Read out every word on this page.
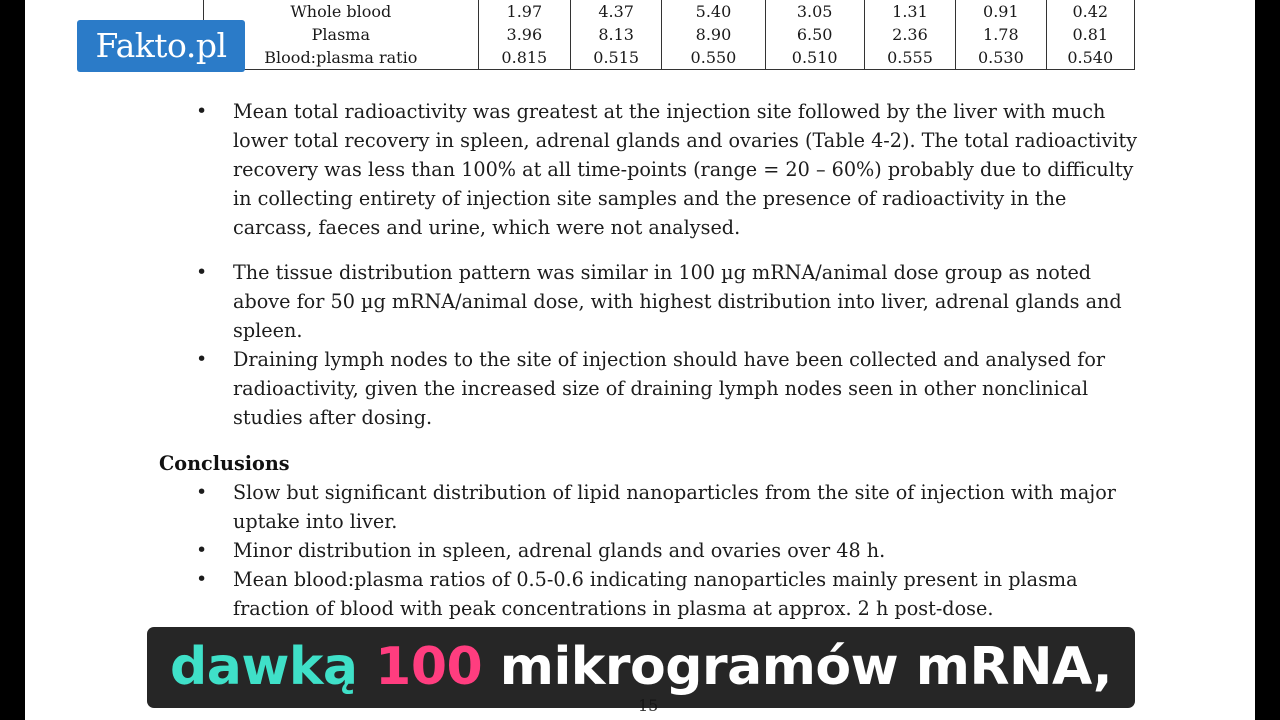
Whole blood	1.97	4.37	5.40	3.05	1.31	0.91	0.42
Plasma	3.96	8.13	8.90	6.50	2.36	1.78	0.81
Blood:plasma ratio	0.815	0.515	0.550	0.510	0.555	0.530	0.540
Fakto.pl
• Mean total radioactivity was greatest at the injection site followed by the liver with much lower total recovery in spleen, adrenal glands and ovaries (Table 4-2). The total radioactivity recovery was less than 100% at all time-points (range = 20 – 60%) probably due to difficulty in collecting entirety of injection site samples and the presence of radioactivity in the carcass, faeces and urine, which were not analysed.
• The tissue distribution pattern was similar in 100 µg mRNA/animal dose group as noted above for 50 µg mRNA/animal dose, with highest distribution into liver, adrenal glands and spleen.
• Draining lymph nodes to the site of injection should have been collected and analysed for radioactivity, given the increased size of draining lymph nodes seen in other nonclinical studies after dosing.
Conclusions
• Slow but significant distribution of lipid nanoparticles from the site of injection with major uptake into liver.
• Minor distribution in spleen, adrenal glands and ovaries over 48 h.
• Mean blood:plasma ratios of 0.5-0.6 indicating nanoparticles mainly present in plasma fraction of blood with peak concentrations in plasma at approx. 2 h post-dose.
dawką 100 mikrogramów mRNA,
